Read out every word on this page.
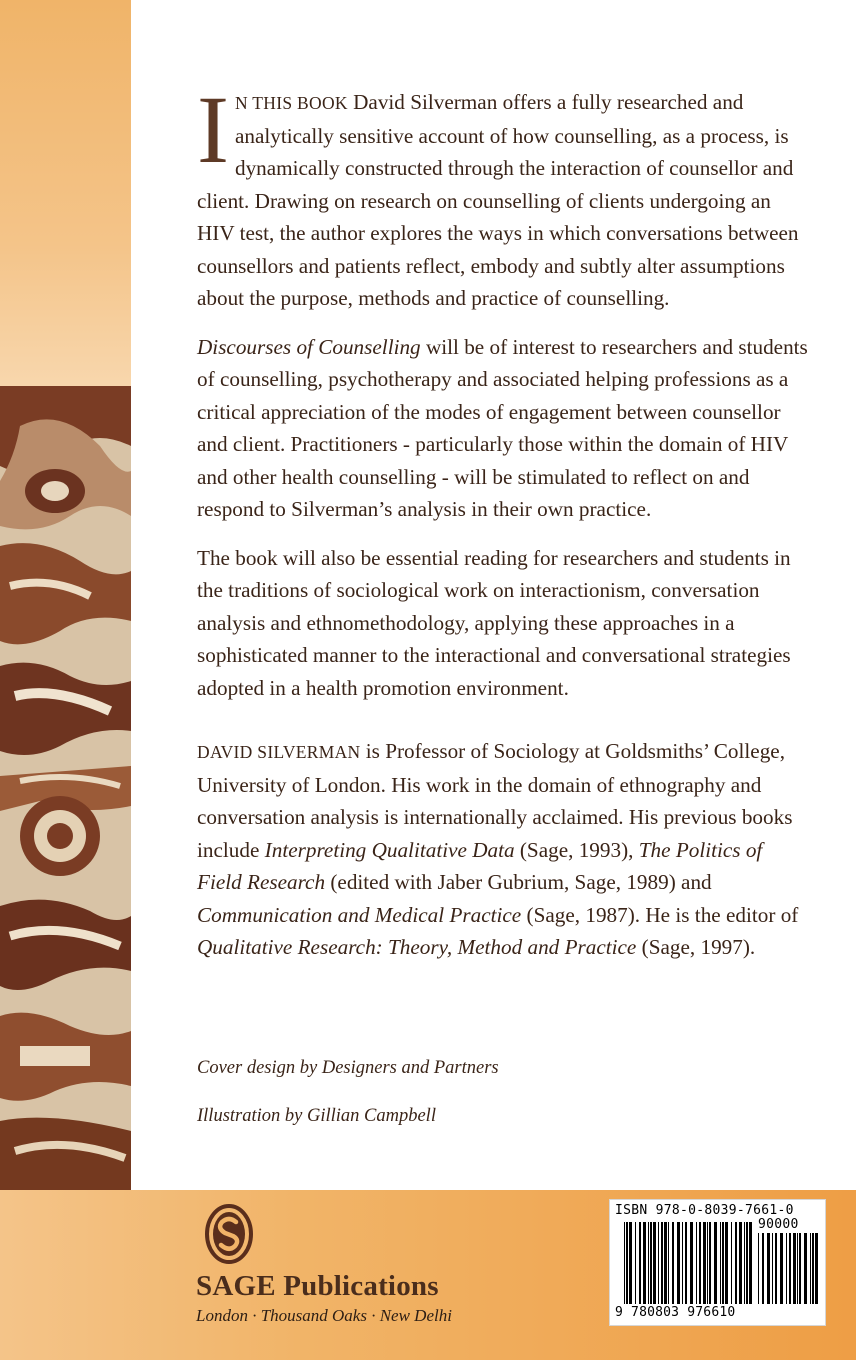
I N THIS BOOK David Silverman offers a fully researched and analytically sensitive account of how counselling, as a process, is dynamically constructed through the interaction of counsellor and client. Drawing on research on counselling of clients undergoing an HIV test, the author explores the ways in which conversations between counsellors and patients reflect, embody and subtly alter assumptions about the purpose, methods and practice of counselling.

Discourses of Counselling will be of interest to researchers and students of counselling, psychotherapy and associated helping professions as a critical appreciation of the modes of engagement between counsellor and client. Practitioners - particularly those within the domain of HIV and other health counselling - will be stimulated to reflect on and respond to Silverman’s analysis in their own practice.

The book will also be essential reading for researchers and students in the traditions of sociological work on interactionism, conversation analysis and ethnomethodology, applying these approaches in a sophisticated manner to the interactional and conversational strategies adopted in a health promotion environment.

DAVID SILVERMAN is Professor of Sociology at Goldsmiths’ College, University of London. His work in the domain of ethnography and conversation analysis is internationally acclaimed. His previous books include Interpreting Qualitative Data (Sage, 1993), The Politics of Field Research (edited with Jaber Gubrium, Sage, 1989) and Communication and Medical Practice (Sage, 1987). He is the editor of Qualitative Research: Theory, Method and Practice (Sage, 1997).

Cover design by Designers and Partners
Illustration by Gillian Campbell
SAGE Publications
London · Thousand Oaks · New Delhi
ISBN 978-0-8039-7661-0
90000
9 780803 976610
